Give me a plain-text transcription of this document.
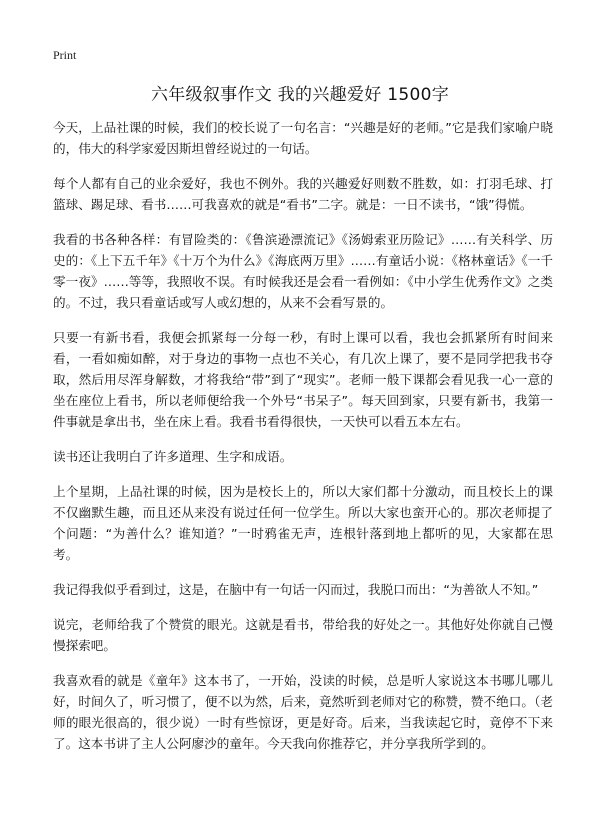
Print
六年级叙事作文 我的兴趣爱好 1500字

今天，上品社课的时候，我们的校长说了一句名言：“兴趣是好的老师。”它是我们家喻户晓的，伟大的科学家爱因斯坦曾经说过的一句话。

每个人都有自己的业余爱好，我也不例外。我的兴趣爱好则数不胜数，如：打羽毛球、打篮球、踢足球、看书……可我喜欢的就是“看书”二字。就是：一日不读书，“饿”得慌。

我看的书各种各样：有冒险类的：《鲁滨逊漂流记》《汤姆索亚历险记》……有关科学、历史的：《上下五千年》《十万个为什么》《海底两万里》……有童话小说：《格林童话》《一千零一夜》……等等，我照收不误。有时候我还是会看一看例如：《中小学生优秀作文》之类的。不过，我只看童话或写人或幻想的，从来不会看写景的。

只要一有新书看，我便会抓紧每一分每一秒，有时上课可以看，我也会抓紧所有时间来看，一看如痴如醉，对于身边的事物一点也不关心，有几次上课了，要不是同学把我书夺取，然后用尽浑身解数，才将我给“带”到了“现实”。老师一般下课都会看见我一心一意的坐在座位上看书，所以老师便给我一个外号“书呆子”。每天回到家，只要有新书，我第一件事就是拿出书，坐在床上看。我看书看得很快，一天快可以看五本左右。

读书还让我明白了许多道理、生字和成语。

上个星期，上品社课的时候，因为是校长上的，所以大家们都十分激动，而且校长上的课不仅幽默生趣，而且还从来没有说过任何一位学生。所以大家也蛮开心的。那次老师提了个问题：“为善什么？谁知道？”一时鸦雀无声，连根针落到地上都听的见，大家都在思考。

我记得我似乎看到过，这是，在脑中有一句话一闪而过，我脱口而出：“为善欲人不知。”

说完，老师给我了个赞赏的眼光。这就是看书，带给我的好处之一。其他好处你就自己慢慢探索吧。

我喜欢看的就是《童年》这本书了，一开始，没读的时候，总是听人家说这本书哪儿哪儿好，时间久了，听习惯了，便不以为然，后来，竟然听到老师对它的称赞，赞不绝口。（老师的眼光很高的，很少说）一时有些惊讶，更是好奇。后来，当我读起它时，竟停不下来了。这本书讲了主人公阿廖沙的童年。今天我向你推荐它，并分享我所学到的。
